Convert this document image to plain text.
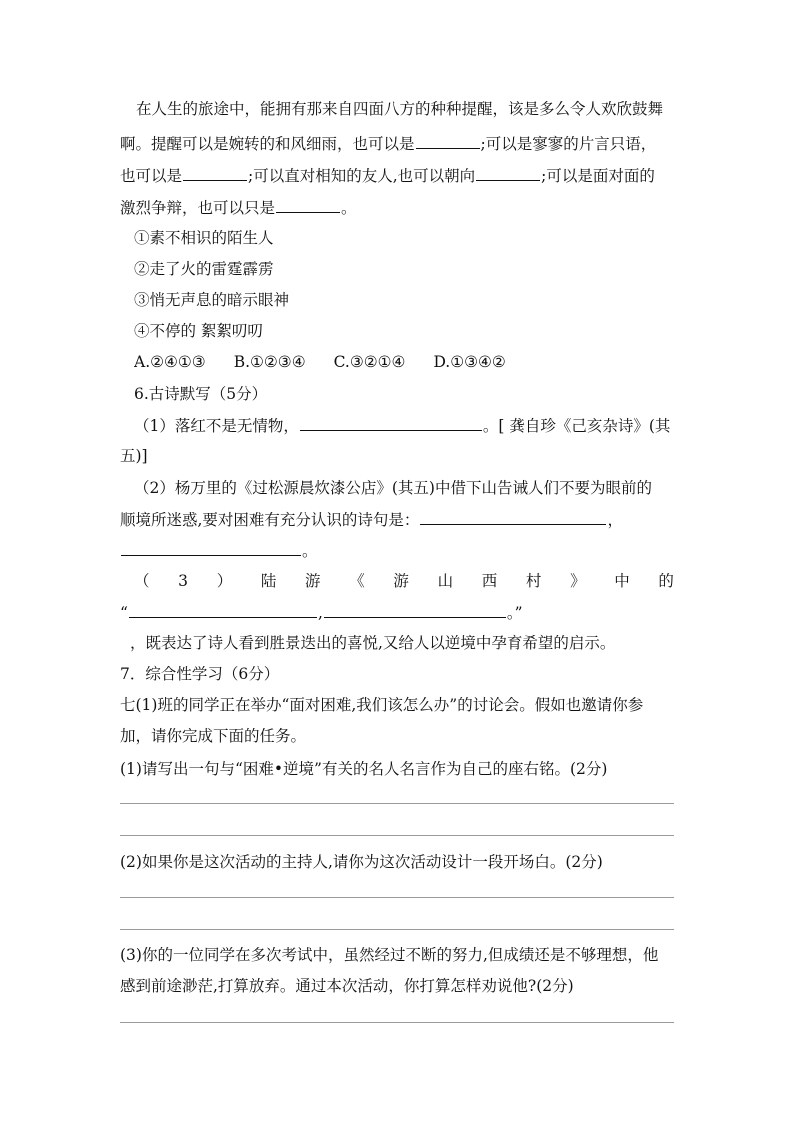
在人生的旅途中，能拥有那来自四面八方的种种提醒，该是多么令人欢欣鼓舞
啊。提醒可以是婉转的和风细雨，也可以是	;可以是寥寥的片言只语，
也可以是	;可以直对相知的友人,也可以朝向	;可以是面对面的
激烈争辩，也可以只是	。
①素不相识的陌生人
②走了火的雷霆霹雳
③悄无声息的暗示眼神
④不停的 絮絮叨叨
A.②④①③ B.①②③④ C.③②①④ D.①③④②
6.古诗默写（5分）
（1）落红不是无情物，	。[ 龚自珍《己亥杂诗》(其
五)]
（2）杨万里的《过松源晨炊漆公店》(其五)中借下山告诫人们不要为眼前的
顺境所迷惑,要对困难有充分认识的诗句是：	，
。
（ 3 ） 陆 游 《 游 山 西 村 》 中 的
“	,	。”
，既表达了诗人看到胜景迭出的喜悦,又给人以逆境中孕育希望的启示。
7．综合性学习（6分）
七(1)班的同学正在举办“面对困难,我们该怎么办”的讨论会。假如也邀请你参
加，请你完成下面的任务。
(1)请写出一句与“困难•逆境”有关的名人名言作为自己的座右铭。(2分)
(2)如果你是这次活动的主持人,请你为这次活动设计一段开场白。(2分)
(3)你的一位同学在多次考试中，虽然经过不断的努力,但成绩还是不够理想，他
感到前途渺茫,打算放弃。通过本次活动，你打算怎样劝说他?(2分)
